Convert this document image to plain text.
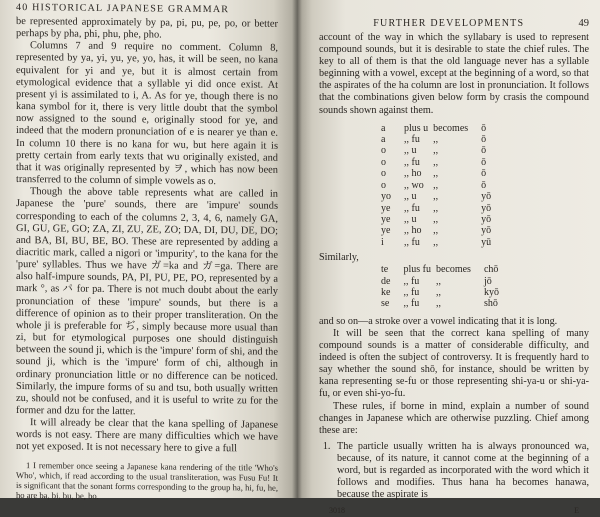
40 HISTORICAL JAPANESE GRAMMAR

be represented approximately by pa, pi, pu, pe, po, or better perhaps by pha, phi, phu, phe, pho.

Columns 7 and 9 require no comment. Column 8, represented by ya, yi, yu, ye, yo, has, it will be seen, no kana equivalent for yi and ye, but it is almost certain from etymological evidence that a syllable yi did once exist. At present yi is assimilated to i, A. As for ye, though there is no kana symbol for it, there is very little doubt that the symbol now assigned to the sound e, originally stood for ye, and indeed that the modern pronunciation of e is nearer ye than e. In column 10 there is no kana for wu, but here again it is pretty certain from early texts that wu originally existed, and that it was originally represented by ヲ, which has now been transferred to the column of simple vowels as o.

Though the above table represents what are called in Japanese the 'pure' sounds, there are 'impure' sounds corresponding to each of the columns 2, 3, 4, 6, namely GA, GI, GU, GE, GO; ZA, ZI, ZU, ZE, ZO; DA, DI, DU, DE, DO; and BA, BI, BU, BE, BO. These are represented by adding a diacritic mark, called a nigori or 'impurity', to the kana for the 'pure' syllables. Thus we have ガ=ka and ガ=ga. There are also half-impure sounds, PA, PI, PU, PE, PO, represented by a mark °, as パ for pa. There is not much doubt about the early pronunciation of these 'impure' sounds, but there is a difference of opinion as to their proper transliteration. On the whole ji is preferable for ぢ, simply because more usual than zi, but for etymological purposes one should distinguish between the sound ji, which is the 'impure' form of shi, and the sound ji, which is the 'impure' form of chi, although in ordinary pronunciation little or no difference can be noticed. Similarly, the impure forms of su and tsu, both usually written zu, should not be confused, and it is useful to write zu for the former and dzu for the latter.

It will already be clear that the kana spelling of Japanese words is not easy. There are many difficulties which we have not yet exposed. It is not necessary here to give a full

1 I remember once seeing a Japanese kana rendering of the title 'Who's Who', which, if read according to the usual transliteration, was Fusu Fu! It is significant that the sonant forms corresponding to the group ha, hi, fu, he, ho are ba, bi, bu, be, bo.

FURTHER DEVELOPMENTS	49

account of the way in which the syllabary is used to represent compound sounds, but it is desirable to state the chief rules. The key to all of them is that the old language never has a syllable beginning with a vowel, except at the beginning of a word, so that the aspirates of the ha column are lost in pronunciation. It follows that the combinations given below form by crasis the compound sounds shown against them.

a	plus u	becomes	ō
a	,, fu	,,	ō
o	,, u	,,	ō
o	,, fu	,,	ō
o	,, ho	,,	ō
o	,, wo	,,	ō
yo	,, u	,,	yō
ye	,, fu	,,	yō
ye	,, u	,,	yō
ye	,, ho	,,	yō
i	,, fu	,,	yū

Similarly,

te	plus fu	becomes	chō
de	,, fu	,,	jō
ke	,, fu	,,	kyō
se	,, fu	,,	shō

and so on—a stroke over a vowel indicating that it is long.

It will be seen that the correct kana spelling of many compound sounds is a matter of considerable difficulty, and indeed is often the subject of controversy. It is frequently hard to say whether the sound shō, for instance, should be written by kana representing se-fu or those representing shi-ya-u or shi-ya-fu, or even shi-yo-fu.

These rules, if borne in mind, explain a number of sound changes in Japanese which are otherwise puzzling. Chief among these are:

1. The particle usually written ha is always pronounced wa, because, of its nature, it cannot come at the beginning of a word, but is regarded as incorporated with the word which it follows and modifies. Thus hana ha becomes hanawa, because the aspirate is
3018	E
